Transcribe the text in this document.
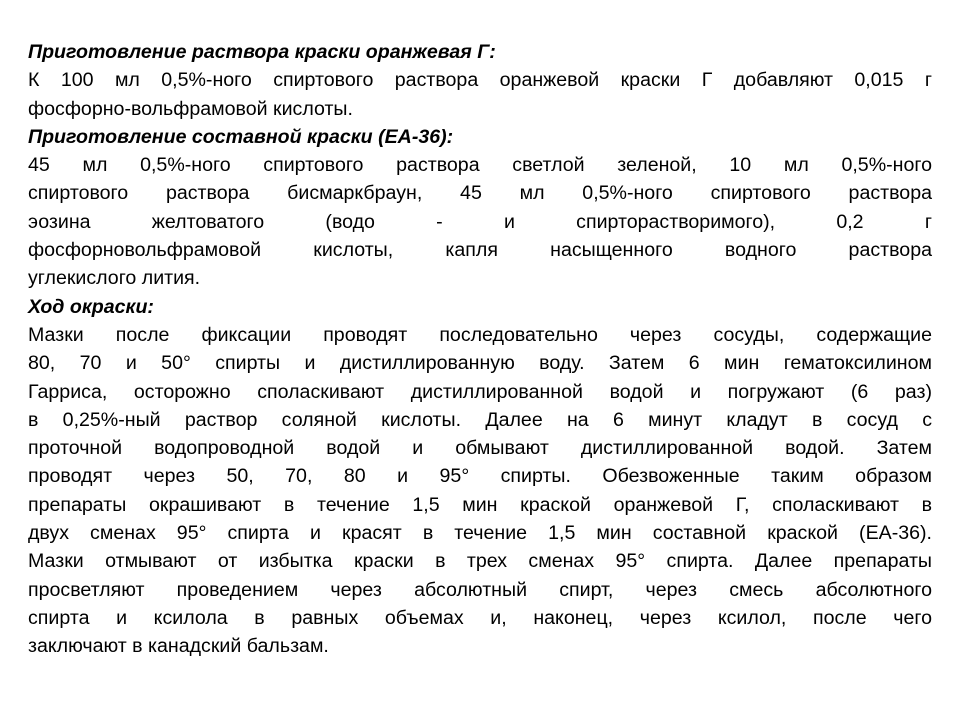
Приготовление раствора краски оранжевая Г:

К 100 мл 0,5%-ного спиртового раствора оранжевой краски Г добавляют 0,015 г
фосфорно-вольфрамовой кислоты.

Приготовление составной краски (ЕА-36):

45 мл 0,5%-ного спиртового раствора светлой зеленой, 10 мл 0,5%-ного
спиртового раствора бисмаркбраун, 45 мл 0,5%-ного спиртового раствора
эозина желтоватого (водо - и спирторастворимого), 0,2 г
фосфорновольфрамовой кислоты, капля насыщенного водного раствора
углекислого лития.

Ход окраски:

Мазки после фиксации проводят последовательно через сосуды, содержащие
80, 70 и 50° спирты и дистиллированную воду. Затем 6 мин гематоксилином
Гарриса, осторожно споласкивают дистиллированной водой и погружают (6 раз)
в 0,25%-ный раствор соляной кислоты. Далее на 6 минут кладут в сосуд с
проточной водопроводной водой и обмывают дистиллированной водой. Затем
проводят через 50, 70, 80 и 95° спирты. Обезвоженные таким образом
препараты окрашивают в течение 1,5 мин краской оранжевой Г, споласкивают в
двух сменах 95° спирта и красят в течение 1,5 мин составной краской (ЕА-36).
Мазки отмывают от избытка краски в трех сменах 95° спирта. Далее препараты
просветляют проведением через абсолютный спирт, через смесь абсолютного
спирта и ксилола в равных объемах и, наконец, через ксилол, после чего
заключают в канадский бальзам.
